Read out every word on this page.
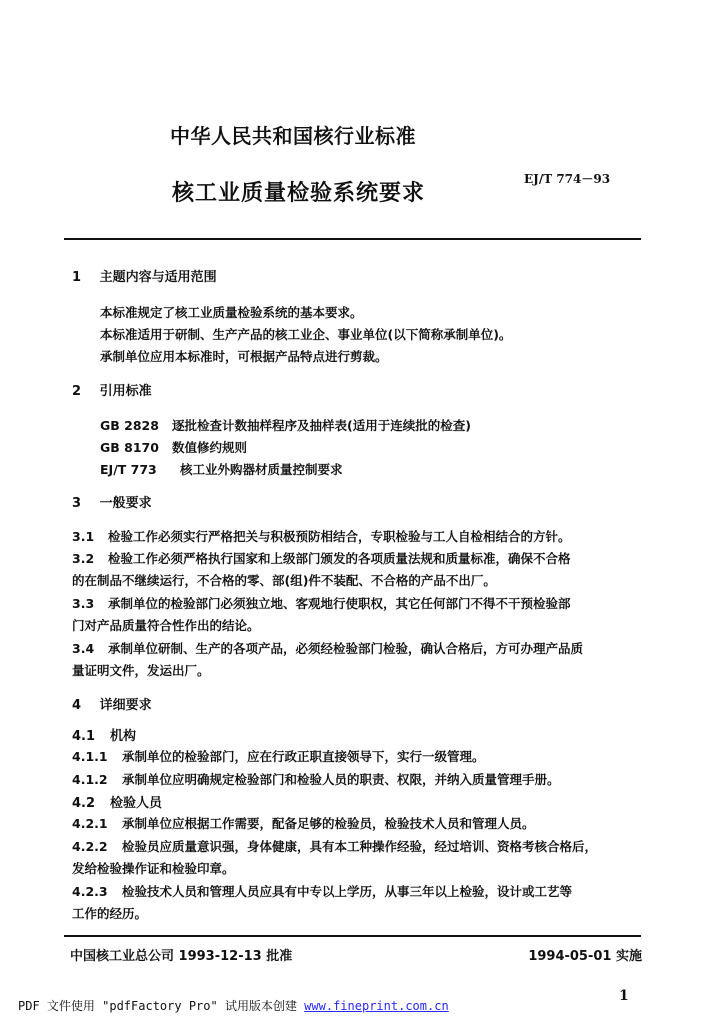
中华人民共和国核行业标准
EJ/T 774－93
核工业质量检验系统要求
1 主题内容与适用范围
本标准规定了核工业质量检验系统的基本要求。
本标准适用于研制、生产产品的核工业企、事业单位(以下简称承制单位)。
承制单位应用本标准时，可根据产品特点进行剪裁。
2 引用标准
GB 2828 逐批检查计数抽样程序及抽样表(适用于连续批的检查)
GB 8170 数值修约规则
EJ/T 773 核工业外购器材质量控制要求
3 一般要求
3.1 检验工作必须实行严格把关与积极预防相结合，专职检验与工人自检相结合的方针。
3.2 检验工作必须严格执行国家和上级部门颁发的各项质量法规和质量标准，确保不合格
的在制品不继续运行，不合格的零、部(组)件不装配、不合格的产品不出厂。
3.3 承制单位的检验部门必须独立地、客观地行使职权，其它任何部门不得不干预检验部
门对产品质量符合性作出的结论。
3.4 承制单位研制、生产的各项产品，必须经检验部门检验，确认合格后，方可办理产品质
量证明文件，发运出厂。
4 详细要求
4.1 机构
4.1.1 承制单位的检验部门，应在行政正职直接领导下，实行一级管理。
4.1.2 承制单位应明确规定检验部门和检验人员的职责、权限，并纳入质量管理手册。
4.2 检验人员
4.2.1 承制单位应根据工作需要，配备足够的检验员，检验技术人员和管理人员。
4.2.2 检验员应质量意识强，身体健康，具有本工种操作经验，经过培训、资格考核合格后，
发给检验操作证和检验印章。
4.2.3 检验技术人员和管理人员应具有中专以上学历，从事三年以上检验，设计或工艺等
工作的经历。
中国核工业总公司 1993-12-13 批准	1994-05-01 实施
1
PDF 文件使用 "pdfFactory Pro" 试用版本创建 www.fineprint.com.cn
